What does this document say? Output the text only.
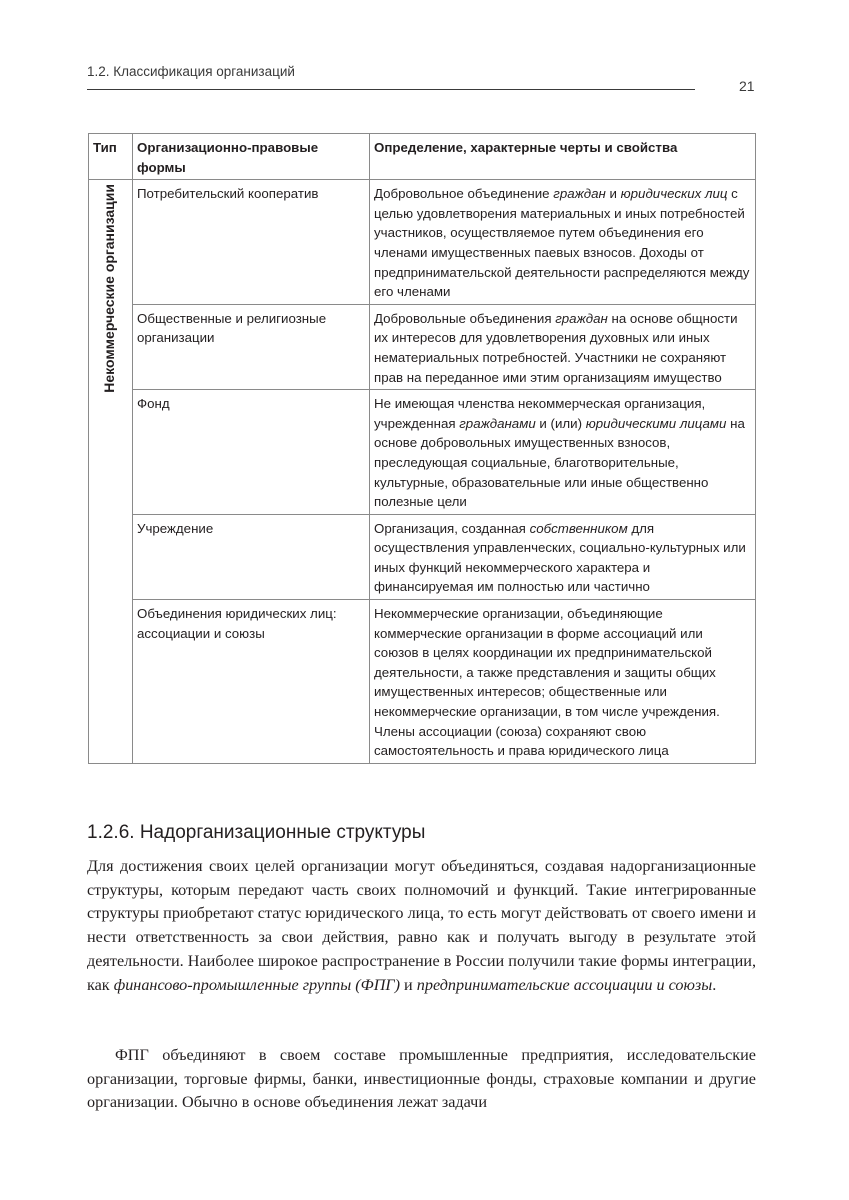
1.2. Классификация организаций
21
Тип	Организационно-правовые формы	Определение, характерные черты и свойства

Некоммерческие организации	Потребительский кооператив	Добровольное объединение граждан и юридических лиц с целью удовлетворения материальных и иных потребностей участников, осуществляемое путем объединения его членами имущественных паевых взносов. Доходы от предпринимательской деятельности распределяются между его членами
	Общественные и религиозные организации	Добровольные объединения граждан на основе общности их интересов для удовлетворения духовных или иных нематериальных потребностей. Участники не сохраняют прав на переданное ими этим организациям имущество
	Фонд	Не имеющая членства некоммерческая организация, учрежденная гражданами и (или) юридическими лицами на основе добровольных имущественных взносов, преследующая социальные, благотворительные, культурные, образовательные или иные общественно полезные цели
	Учреждение	Организация, созданная собственником для осуществления управленческих, социально-культурных или иных функций некоммерческого характера и финансируемая им полностью или частично
	Объединения юридических лиц: ассоциации и союзы	Некоммерческие организации, объединяющие коммерческие организации в форме ассоциаций или союзов в целях координации их предпринимательской деятельности, а также представления и защиты общих имущественных интересов; общественные или некоммерческие организации, в том числе учреждения. Члены ассоциации (союза) сохраняют свою самостоятельность и права юридического лица
1.2.6. Надорганизационные структуры

Для достижения своих целей организации могут объединяться, создавая надорганизационные структуры, которым передают часть своих полномочий и функций. Такие интегрированные структуры приобретают статус юридического лица, то есть могут действовать от своего имени и нести ответственность за свои действия, равно как и получать выгоду в результате этой деятельности. Наиболее широкое распространение в России получили такие формы интеграции, как финансово-промышленные группы (ФПГ) и предпринимательские ассоциации и союзы.

ФПГ объединяют в своем составе промышленные предприятия, исследовательские организации, торговые фирмы, банки, инвестиционные фонды, страховые компании и другие организации. Обычно в основе объединения лежат задачи
